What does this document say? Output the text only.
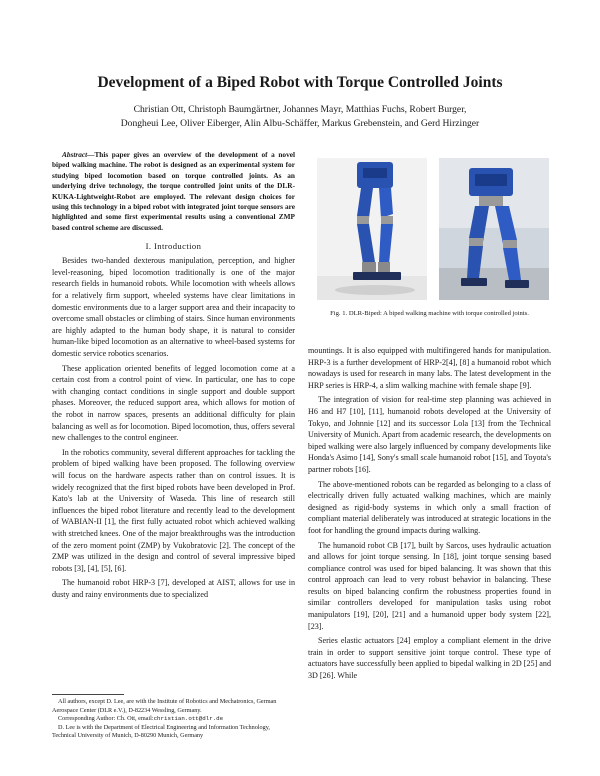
Development of a Biped Robot with Torque Controlled Joints
Christian Ott, Christoph Baumgärtner, Johannes Mayr, Matthias Fuchs, Robert Burger,
Dongheui Lee, Oliver Eiberger, Alin Albu-Schäffer, Markus Grebenstein, and Gerd Hirzinger

Abstract—This paper gives an overview of the development of a novel biped walking machine. The robot is designed as an experimental system for studying biped locomotion based on torque controlled joints. As an underlying drive technology, the torque controlled joint units of the DLR-KUKA-Lightweight-Robot are employed. The relevant design choices for using this technology in a biped robot with integrated joint torque sensors are highlighted and some first experimental results using a conventional ZMP based control scheme are discussed.

I. Introduction

Besides two-handed dexterous manipulation, perception, and higher level-reasoning, biped locomotion traditionally is one of the major research fields in humanoid robots. While locomotion with wheels allows for a relatively firm support, wheeled systems have clear limitations in domestic environments due to a larger support area and their incapacity to overcome small obstacles or climbing of stairs. Since human environments are highly adapted to the human body shape, it is natural to consider human-like biped locomotion as an alternative to wheel-based systems for domestic service robotics scenarios.

These application oriented benefits of legged locomotion come at a certain cost from a control point of view. In particular, one has to cope with changing contact conditions in single support and double support phases. Moreover, the reduced support area, which allows for motion of the robot in narrow spaces, presents an additional difficulty for plain balancing as well as for locomotion. Biped locomotion, thus, offers several new challenges to the control engineer.

In the robotics community, several different approaches for tackling the problem of biped walking have been proposed. The following overview will focus on the hardware aspects rather than on control issues. It is widely recognized that the first biped robots have been developed in Prof. Kato's lab at the University of Waseda. This line of research still influences the biped robot literature and recently lead to the development of WABIAN-II [1], the first fully actuated robot which achieved walking with stretched knees. One of the major breakthroughs was the introduction of the zero moment point (ZMP) by Vukobratovic [2]. The concept of the ZMP was utilized in the design and control of several impressive biped robots [3], [4], [5], [6].

The humanoid robot HRP-3 [7], developed at AIST, allows for use in dusty and rainy environments due to specialized

All authors, except D. Lee, are with the Institute of Robotics and Mechatronics, German Aerospace Center (DLR e.V.), D-82234 Wessling, Germany.

Corresponding Author: Ch. Ott, email:christian.ott@dlr.de

D. Lee is with the Department of Electrical Engineering and Information Technology, Technical University of Munich, D-80290 Munich, Germany

Fig. 1. DLR-Biped: A biped walking machine with torque controlled joints.

mountings. It is also equipped with multifingered hands for manipulation. HRP-3 is a further development of HRP-2[4], [8] a humanoid robot which nowadays is used for research in many labs. The latest development in the HRP series is HRP-4, a slim walking machine with female shape [9].

The integration of vision for real-time step planning was achieved in H6 and H7 [10], [11], humanoid robots developed at the University of Tokyo, and Johnnie [12] and its successor Lola [13] from the Technical University of Munich. Apart from academic research, the developments on biped walking were also largely influenced by company developments like Honda's Asimo [14], Sony's small scale humanoid robot [15], and Toyota's partner robots [16].

The above-mentioned robots can be regarded as belonging to a class of electrically driven fully actuated walking machines, which are mainly designed as rigid-body systems in which only a small fraction of compliant material deliberately was introduced at strategic locations in the foot for handling the ground impacts during walking.

The humanoid robot CB [17], built by Sarcos, uses hydraulic actuation and allows for joint torque sensing. In [18], joint torque sensing based compliance control was used for biped balancing. It was shown that this control approach can lead to very robust behavior in balancing. These results on biped balancing confirm the robustness properties found in similar controllers developed for manipulation tasks using robot manipulators [19], [20], [21] and a humanoid upper body system [22], [23].

Series elastic actuators [24] employ a compliant element in the drive train in order to support sensitive joint torque control. These type of actuators have successfully been applied to bipedal walking in 2D [25] and 3D [26]. While
